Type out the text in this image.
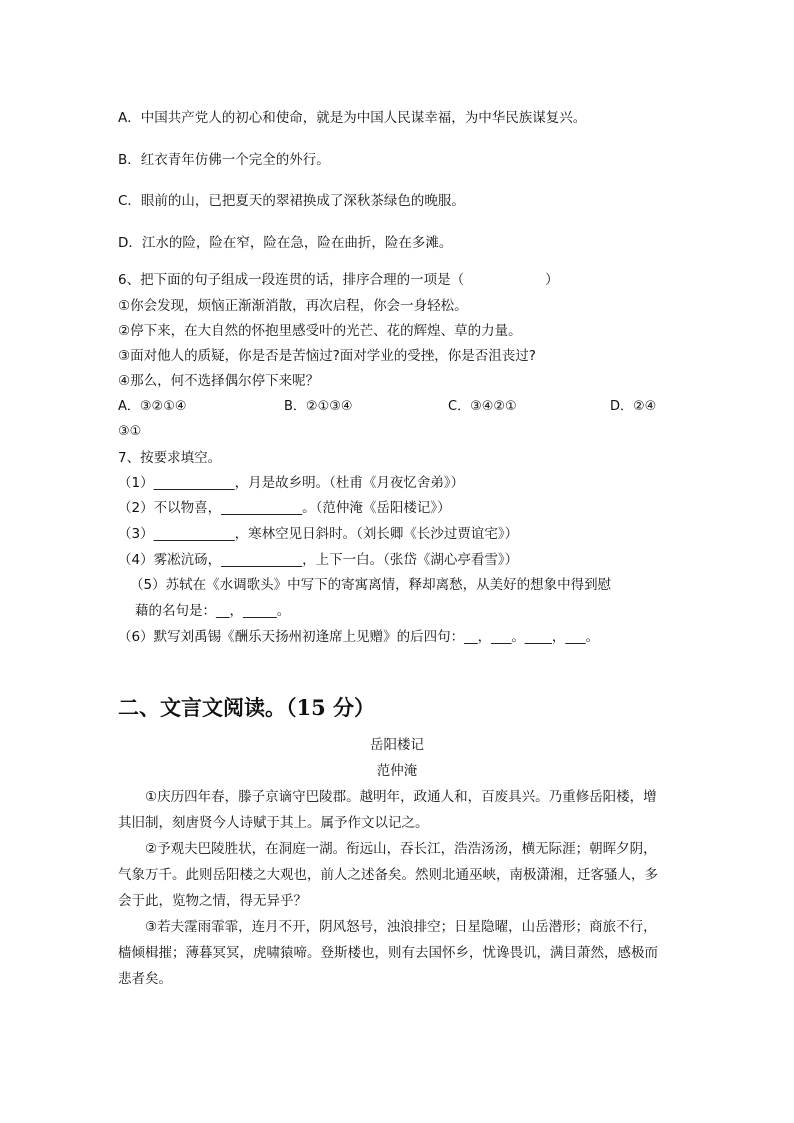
A．中国共产党人的初心和使命，就是为中国人民谋幸福，为中华民族谋复兴。
B．红衣青年仿佛一个完全的外行。
C．眼前的山，已把夏天的翠裙换成了深秋茶绿色的晚服。
D．江水的险，险在窄，险在急，险在曲折，险在多滩。
6、把下面的句子组成一段连贯的话，排序合理的一项是（　　　　　　）
①你会发现，烦恼正渐渐消散，再次启程，你会一身轻松。
②停下来，在大自然的怀抱里感受叶的光芒、花的辉煌、草的力量。
③面对他人的质疑，你是否是苦恼过?面对学业的受挫，你是否沮丧过?
④那么，何不选择偶尔停下来呢？
A．③②①④	B．②①③④	C．③④②①	D．②④
③①
7、按要求填空。
（1）____________，月是故乡明。（杜甫《月夜忆舍弟》）
（2）不以物喜，____________。（范仲淹《岳阳楼记》）
（3）____________，寒林空见日斜时。（刘长卿《长沙过贾谊宅》）
（4）雾凇沆砀，____________，上下一白。（张岱《湖心亭看雪》）
（5）苏轼在《水调歌头》中写下的寄寓离情，释却离愁，从美好的想象中得到慰
藉的名句是：__，_____。
（6）默写刘禹锡《酬乐天扬州初逢席上见赠》的后四句：__，___。____，___。
二、文言文阅读。（15 分）
岳阳楼记
范仲淹

①庆历四年春，滕子京谪守巴陵郡。越明年，政通人和，百废具兴。乃重修岳阳楼，增其旧制，刻唐贤今人诗赋于其上。属予作文以记之。

②予观夫巴陵胜状，在洞庭一湖。衔远山，吞长江，浩浩汤汤，横无际涯；朝晖夕阴，气象万千。此则岳阳楼之大观也，前人之述备矣。然则北通巫峡，南极潇湘，迁客骚人，多会于此，览物之情，得无异乎？

③若夫霪雨霏霏，连月不开，阴风怒号，浊浪排空；日星隐曜，山岳潜形；商旅不行，樯倾楫摧；薄暮冥冥，虎啸猿啼。登斯楼也，则有去国怀乡，忧谗畏讥，满目萧然，感极而悲者矣。
